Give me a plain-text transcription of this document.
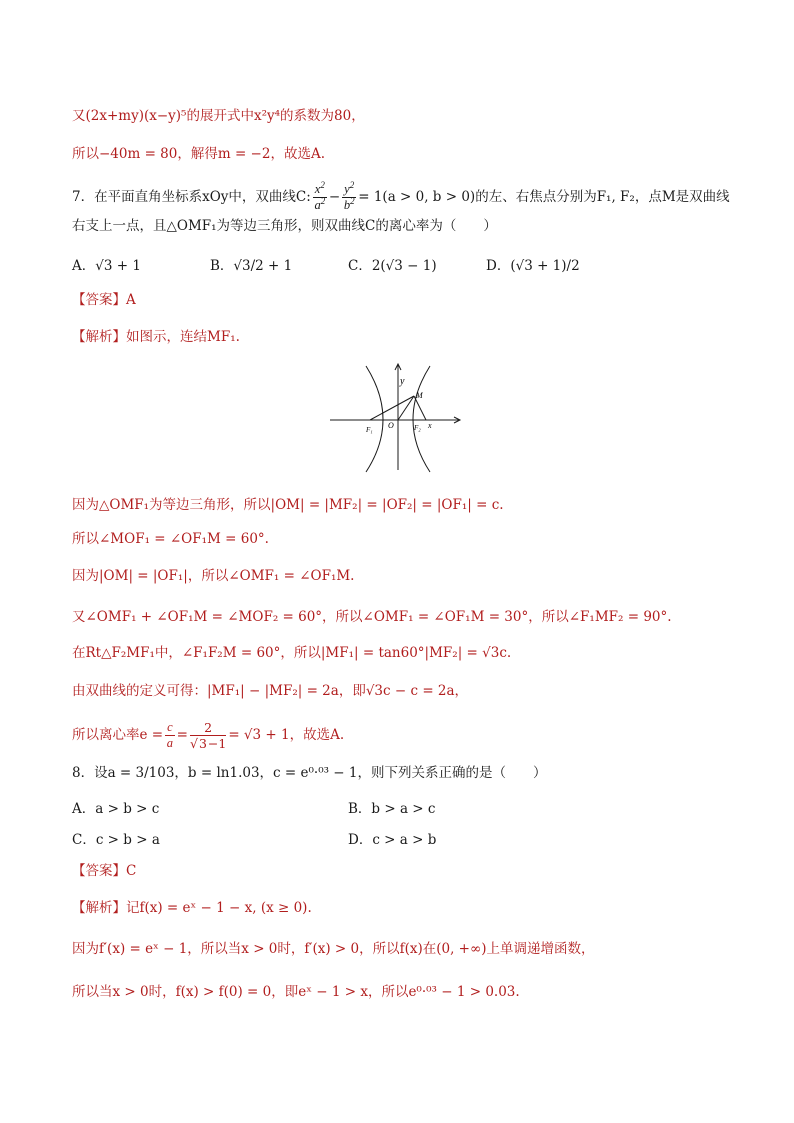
又(2x+my)(x−y)⁵的展开式中x²y⁴的系数为80，
所以−40m = 80，解得m = −2，故选A.
7．在平面直角坐标系xOy中，双曲线C: $\frac{x^2}{a^2} - \frac{y^2}{b^2} = 1(a > 0$, b > 0)的左、右焦点分别为F₁, F₂，点M是双曲线
右支上一点，且△OMF₁为等边三角形，则双曲线C的离心率为（　　）
A．√3 + 1	B．√3/2 + 1	C．2(√3 − 1)	D．(√3 + 1)/2
【答案】A
【解析】如图示，连结MF₁.
y
M
F₁ O	F₂ x
因为△OMF₁为等边三角形，所以|OM| = |MF₂| = |OF₂| = |OF₁| = c.
所以∠MOF₁ = ∠OF₁M = 60°.
因为|OM| = |OF₁|，所以∠OMF₁ = ∠OF₁M.
又∠OMF₁ + ∠OF₁M = ∠MOF₂ = 60°，所以∠OMF₁ = ∠OF₁M = 30°，所以∠F₁MF₂ = 90°.
在Rt△F₂MF₁中，∠F₁F₂M = 60°，所以|MF₁| = tan60°|MF₂| = √3c.
由双曲线的定义可得：|MF₁| − |MF₂| = 2a，即√3c − c = 2a，
所以离心率$e = \frac{c}{a} = \frac{2}{√3-1} = √3 + 1$，故选A.
8．设a = 3/103，b = ln1.03，c = e⁰·⁰³ − 1，则下列关系正确的是（　　）
A．a > b > c	B．b > a > c
C．c > b > a	D．c > a > b
【答案】C
【解析】记f(x) = eˣ − 1 − x, (x ≥ 0).
因为f′(x) = eˣ − 1，所以当x > 0时，f′(x) > 0，所以f(x)在(0, +∞)上单调递增函数，
所以当x > 0时，f(x) > f(0) = 0，即eˣ − 1 > x，所以e⁰·⁰³ − 1 > 0.03.
